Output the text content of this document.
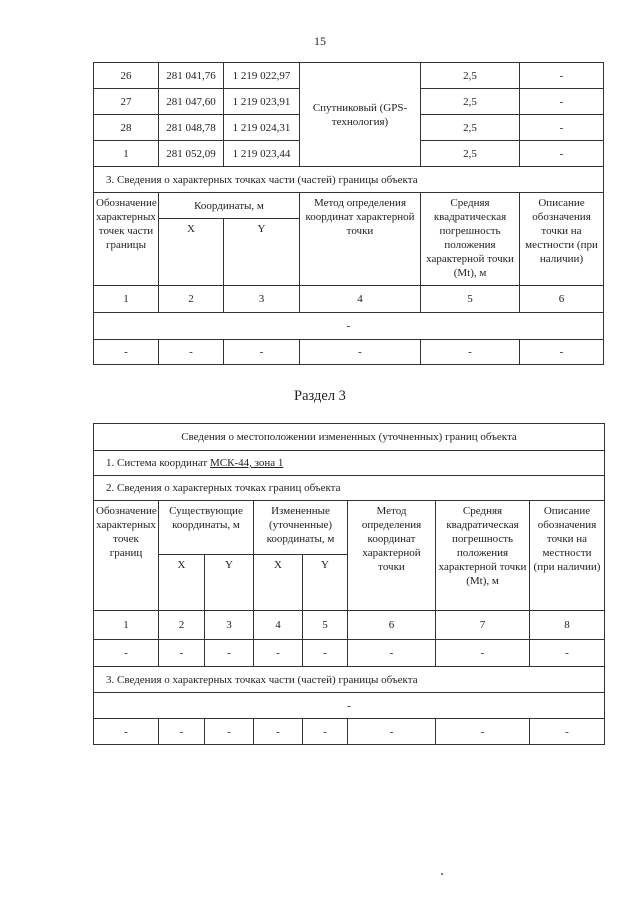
15
26	281 041,76	1 219 022,97	Спутниковый (GPS-технология)	2,5	-
27	281 047,60	1 219 023,91		2,5	-
28	281 048,78	1 219 024,31		2,5	-
1	281 052,09	1 219 023,44		2,5	-
3. Сведения о характерных точках части (частей) границы объекта					
Обозначение характерных точек части границы	Координаты, м		Метод определения координат характерной точки	Средняя квадратическая погрешность положения характерной точки (Mt), м	Описание обозначения точки на местности (при наличии)
	X	Y			
1	2	3	4	5	6
-					
-	-	-	-	-	-
Раздел 3
Сведения о местоположении измененных (уточненных) границ объекта							
1. Система координат МСК-44, зона 1							
2. Сведения о характерных точках границ объекта							
Обозначение характерных точек границ	Существующие координаты, м		Измененные (уточненные) координаты, м		Метод определения координат характерной точки	Средняя квадратическая погрешность положения характерной точки (Mt), м	Описание обозначения точки на местности (при наличии)
	X	Y	X	Y			
1	2	3	4	5	6	7	8
-	-	-	-	-	-	-	-
3. Сведения о характерных точках части (частей) границы объекта							
-							
-	-	-	-	-	-	-	-
